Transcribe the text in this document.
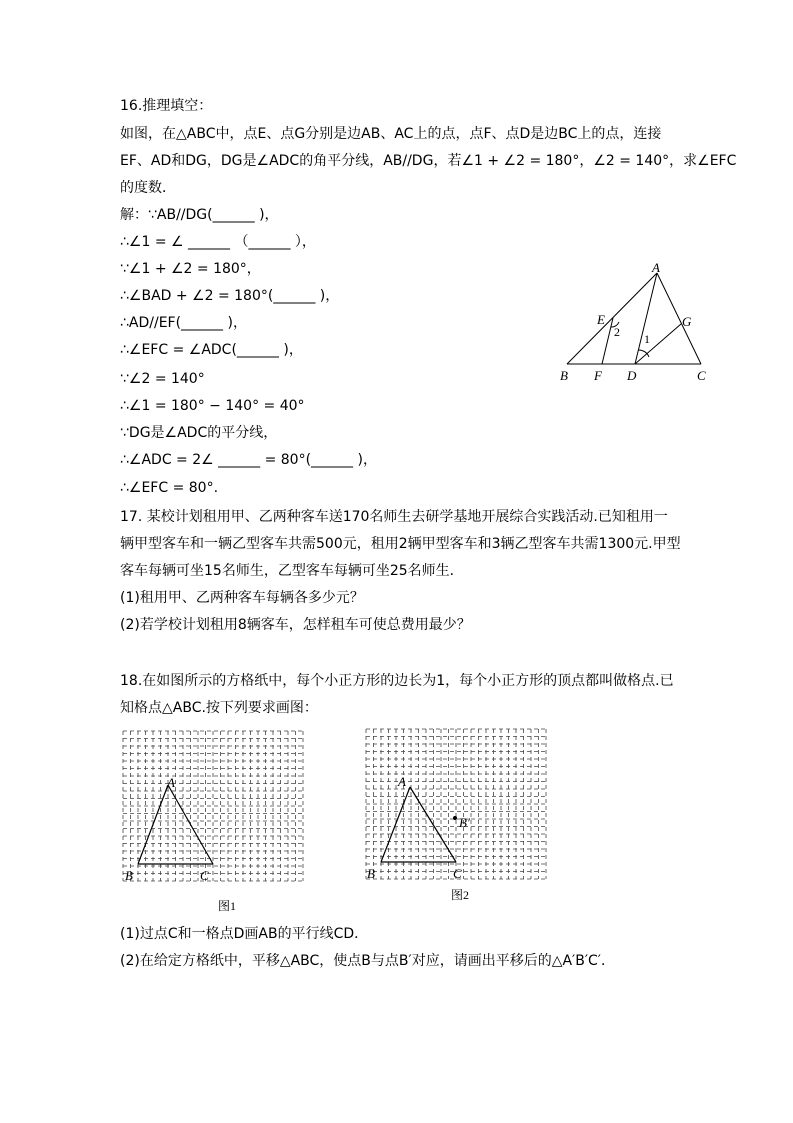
16.推理填空：
如图，在△ABC中，点E、点G分别是边AB、AC上的点，点F、点D是边BC上的点，连接
EF、AD和DG，DG是∠ADC的角平分线，AB//DG，若∠1 + ∠2 = 180°，∠2 = 140°，求∠EFC
的度数．
解：∵AB//DG(______ )，
∴∠1 = ∠ ______ （______ ），
∵∠1 + ∠2 = 180°，
∴∠BAD + ∠2 = 180°(______ )，
∴AD//EF(______ )，
∴∠EFC = ∠ADC(______ )，
∵∠2 = 140°
∴∠1 = 180° − 140° = 40°
∵DG是∠ADC的平分线，
∴∠ADC = 2∠ ______ = 80°(______ )，
∴∠EFC = 80°.
A
B	C
D
E
F
G
2 1
17. 某校计划租用甲、乙两种客车送170名师生去研学基地开展综合实践活动.已知租用一
辆甲型客车和一辆乙型客车共需500元，租用2辆甲型客车和3辆乙型客车共需1300元.甲型
客车每辆可坐15名师生，乙型客车每辆可坐25名师生．
(1)租用甲、乙两种客车每辆各多少元？
(2)若学校计划租用8辆客车，怎样租车可使总费用最少？
18.在如图所示的方格纸中，每个小正方形的边长为1，每个小正方形的顶点都叫做格点.已
知格点△ABC.按下列要求画图：
A
B	C
图1
A
B	C
B′
图2
(1)过点C和一格点D画AB的平行线CD．
(2)在给定方格纸中，平移△ABC，使点B与点B′对应，请画出平移后的△A′B′C′．
